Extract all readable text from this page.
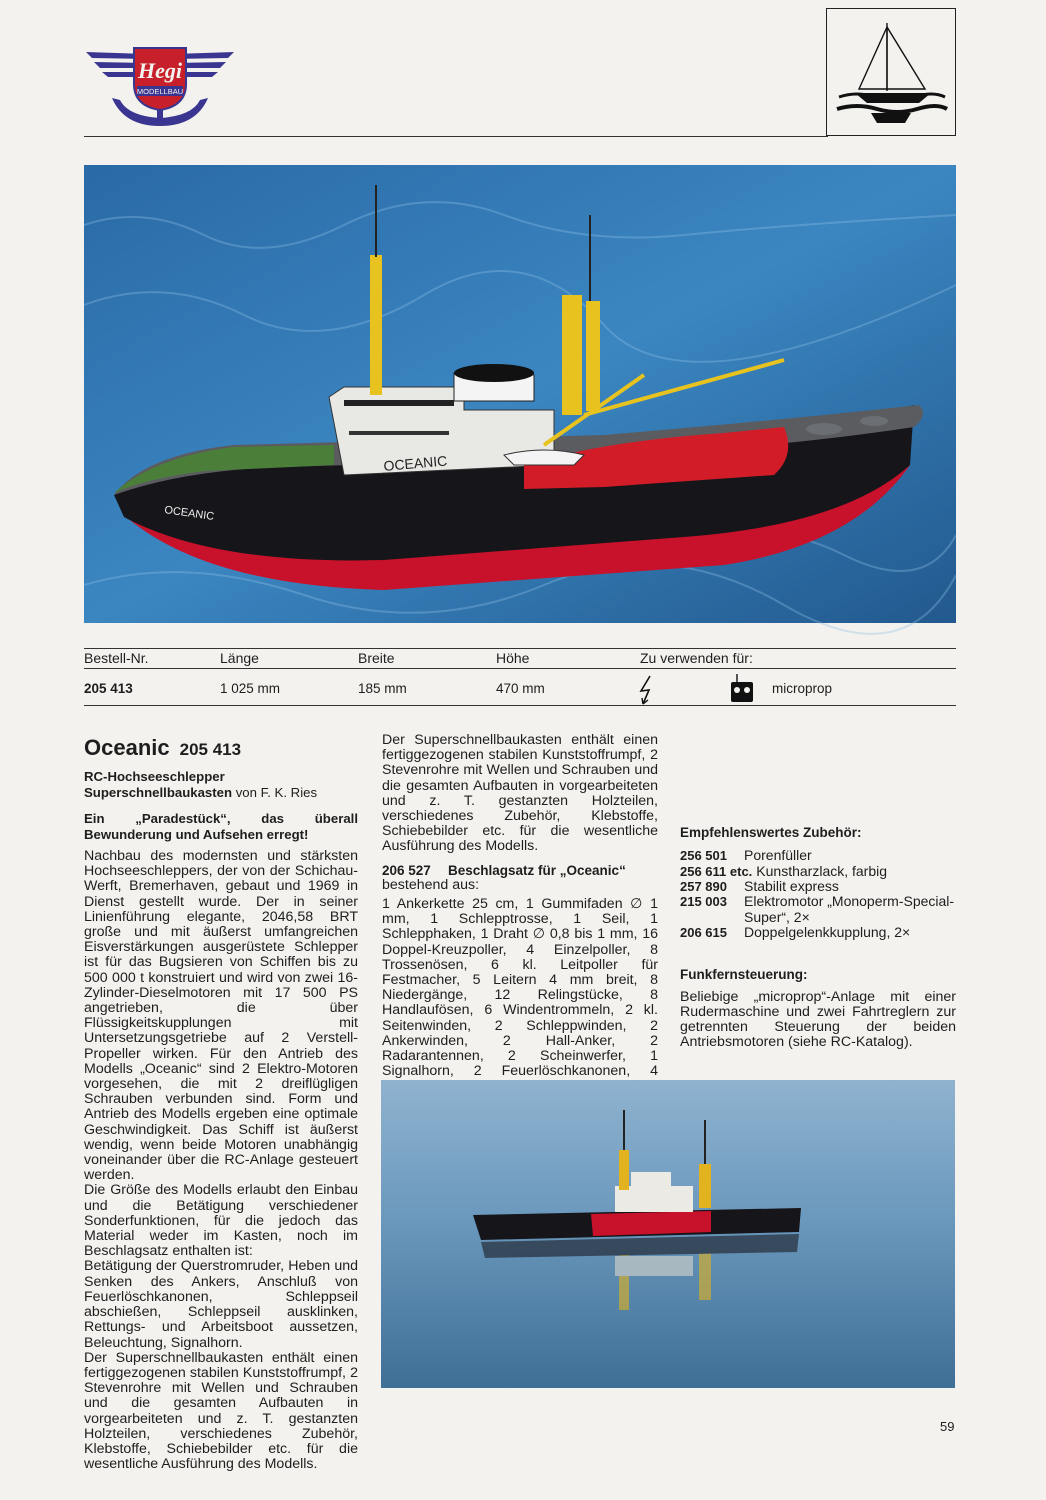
Hegi
MODELLBAU
OCEANIC
OCEANIC
Bestell-Nr.	Länge	Breite	Höhe	Zu verwenden für:
205 413	1 025 mm	185 mm	470 mm	microprop
Oceanic 205 413

RC-Hochseeschlepper

Superschnellbaukasten von F. K. Ries

Ein „Paradestück“, das überall Bewunderung und Aufsehen erregt!

Nachbau des modernsten und stärksten Hochseeschleppers, der von der Schichau-Werft, Bremerhaven, gebaut und 1969 in Dienst gestellt wurde. Der in seiner Linienführung elegante, 2046,58 BRT große und mit äußerst umfangreichen Eisverstärkungen ausgerüstete Schlepper ist für das Bugsieren von Schiffen bis zu 500 000 t konstruiert und wird von zwei 16-Zylinder-Dieselmotoren mit 17 500 PS angetrieben, die über Flüssigkeitskupplungen mit Untersetzungsgetriebe auf 2 Verstell-Propeller wirken. Für den Antrieb des Modells „Oceanic“ sind 2 Elektro-Motoren vorgesehen, die mit 2 dreiflügligen Schrauben verbunden sind. Form und Antrieb des Modells ergeben eine optimale Geschwindigkeit. Das Schiff ist äußerst wendig, wenn beide Motoren unabhängig voneinander über die RC-Anlage gesteuert werden.

Die Größe des Modells erlaubt den Einbau und die Betätigung verschiedener Sonderfunktionen, für die jedoch das Material weder im Kasten, noch im Beschlagsatz enthalten ist:

Betätigung der Querstromruder, Heben und Senken des Ankers, Anschluß von Feuerlöschkanonen, Schleppseil abschießen, Schleppseil ausklinken, Rettungs- und Arbeitsboot aussetzen, Beleuchtung, Signalhorn.

Der Superschnellbaukasten enthält einen fertiggezogenen stabilen Kunststoffrumpf, 2 Stevenrohre mit Wellen und Schrauben und die gesamten Aufbauten in vorgearbeiteten und z. T. gestanzten Holzteilen, verschiedenes Zubehör, Klebstoffe, Schiebebilder etc. für die wesentliche Ausführung des Modells.

Der Superschnellbaukasten enthält einen fertiggezogenen stabilen Kunststoffrumpf, 2 Stevenrohre mit Wellen und Schrauben und die gesamten Aufbauten in vorgearbeiteten und z. T. gestanzten Holzteilen, verschiedenes Zubehör, Klebstoffe, Schiebebilder etc. für die wesentliche Ausführung des Modells.

206 527	Beschlagsatz für „Oceanic“

bestehend aus:

1 Ankerkette 25 cm, 1 Gummifaden ∅ 1 mm, 1 Schlepptrosse, 1 Seil, 1 Schlepphaken, 1 Draht ∅ 0,8 bis 1 mm, 16 Doppel-Kreuzpoller, 4 Einzelpoller, 8 Trossenösen, 6 kl. Leitpoller für Festmacher, 5 Leitern 4 mm breit, 8 Niedergänge, 12 Relingstücke, 8 Handlaufösen, 6 Windentrommeln, 2 kl. Seitenwinden, 2 Schleppwinden, 2 Ankerwinden, 2 Hall-Anker, 2 Radarantennen, 2 Scheinwerfer, 1 Signalhorn, 2 Feuerlöschkanonen, 4

Empfehlenswertes Zubehör:
256 501	Porenfüller
256 611 etc. Kunstharzlack, farbig
257 890	Stabilit express
215 003	Elektromotor „Monoperm-Special-Super“, 2×
206 615	Doppelgelenkkupplung, 2×
Funkfernsteuerung:

Beliebige „microprop“-Anlage mit einer Rudermaschine und zwei Fahrtreglern zur getrennten Steuerung der beiden Antriebsmotoren (siehe RC-Katalog).

59
